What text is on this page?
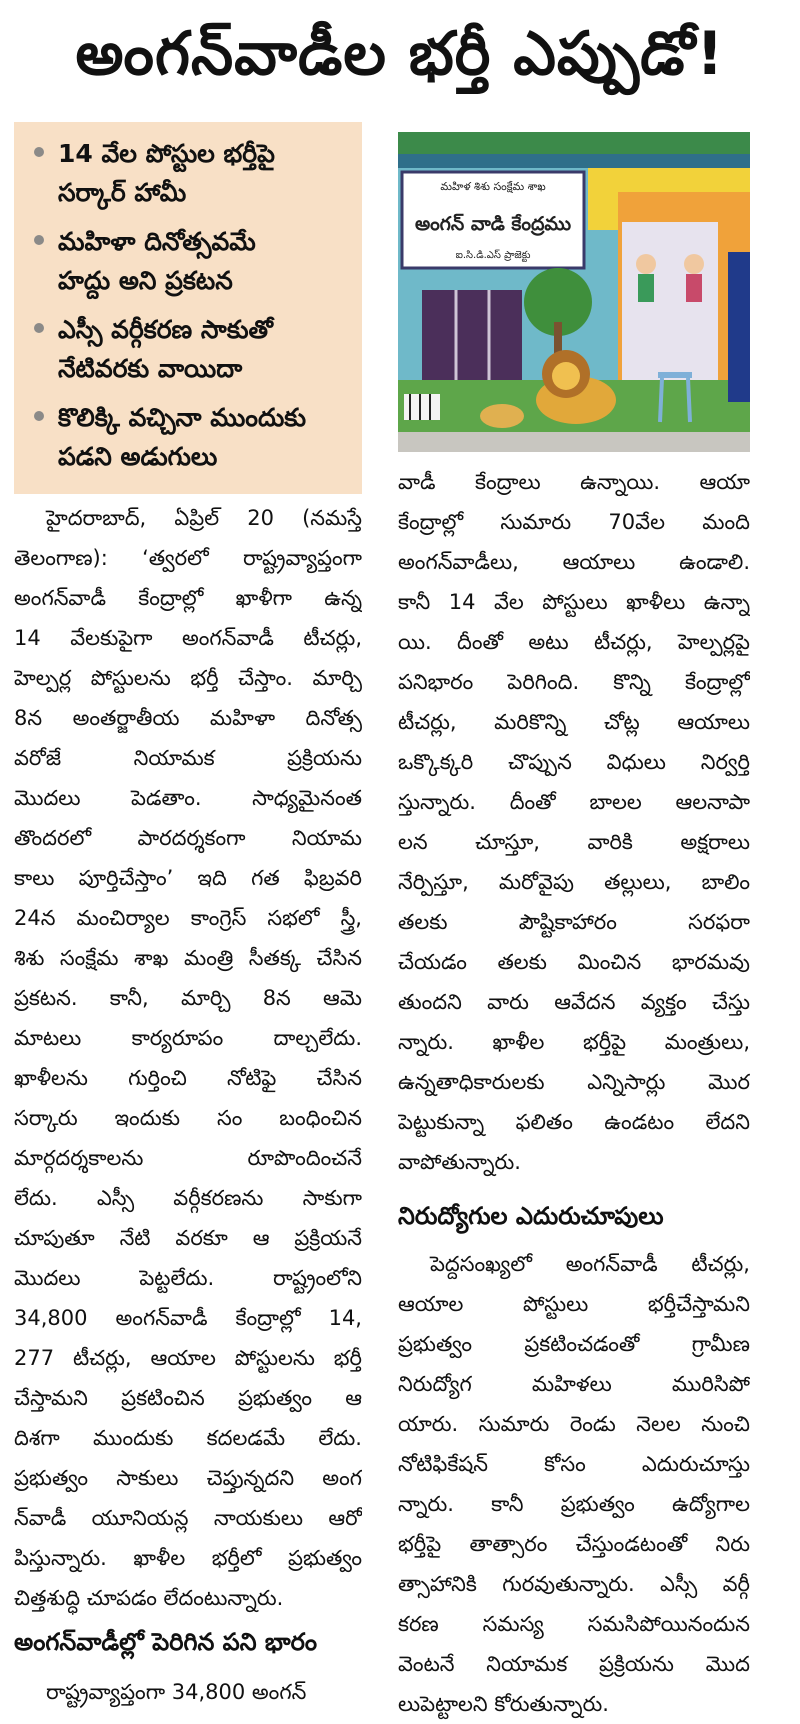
అంగన్‌వాడీల భర్తీ ఎప్పుడో!
14 వేల పోస్టుల భర్తీపై
సర్కార్ హామీ
మహిళా దినోత్సవమే
హద్దు అని ప్రకటన
ఎస్సీ వర్గీకరణ సాకుతో
నేటివరకు వాయిదా
కొలిక్కి వచ్చినా ముందుకు
పడని అడుగులు
మహిళ శిశు సంక్షేమ శాఖ
అంగన్ వాడి కేంద్రము
ఐ.సి.డి.ఎస్ ప్రాజెక్టు
హైదరాబాద్, ఏప్రిల్ 20 (నమస్తే
తెలంగాణ): ‘త్వరలో రాష్ట్రవ్యాప్తంగా
అంగన్‌వాడీ కేంద్రాల్లో ఖాళీగా ఉన్న
14 వేలకుపైగా అంగన్‌వాడీ టీచర్లు,
హెల్పర్ల పోస్టులను భర్తీ చేస్తాం. మార్చి
8న అంతర్జాతీయ మహిళా దినోత్స
వరోజే నియామక ప్రక్రియను
మొదలు పెడతాం. సాధ్యమైనంత
తొందరలో పారదర్శకంగా నియామ
కాలు పూర్తిచేస్తాం’ ఇది గత ఫిబ్రవరి
24న మంచిర్యాల కాంగ్రెస్ సభలో స్త్రీ,
శిశు సంక్షేమ శాఖ మంత్రి సీతక్క చేసిన
ప్రకటన. కానీ, మార్చి 8న ఆమె
మాటలు కార్యరూపం దాల్చలేదు.
ఖాళీలను గుర్తించి నోటిఫై చేసిన
సర్కారు ఇందుకు సం బంధించిన
మార్గదర్శకాలను రూపొందించనే
లేదు. ఎస్సీ వర్గీకరణను సాకుగా
చూపుతూ నేటి వరకూ ఆ ప్రక్రియనే
మొదలు పెట్టలేదు. రాష్ట్రంలోని
34,800 అంగన్‌వాడీ కేంద్రాల్లో 14,
277 టీచర్లు, ఆయాల పోస్టులను భర్తీ
చేస్తామని ప్రకటించిన ప్రభుత్వం ఆ
దిశగా ముందుకు కదలడమే లేదు.
ప్రభుత్వం సాకులు చెప్తున్నదని అంగ
న్‌వాడీ యూనియన్ల నాయకులు ఆరో
పిస్తున్నారు. ఖాళీల భర్తీలో ప్రభుత్వం
చిత్తశుద్ధి చూపడం లేదంటున్నారు.
అంగన్‌వాడీల్లో పెరిగిన పని భారం
రాష్ట్రవ్యాప్తంగా 34,800 అంగన్
వాడీ కేంద్రాలు ఉన్నాయి. ఆయా
కేంద్రాల్లో సుమారు 70వేల మంది
అంగన్‌వాడీలు, ఆయాలు ఉండాలి.
కానీ 14 వేల పోస్టులు ఖాళీలు ఉన్నా
యి. దీంతో అటు టీచర్లు, హెల్పర్లపై
పనిభారం పెరిగింది. కొన్ని కేంద్రాల్లో
టీచర్లు, మరికొన్ని చోట్ల ఆయాలు
ఒక్కొక్కరి చొప్పున విధులు నిర్వర్తి
స్తున్నారు. దీంతో బాలల ఆలనాపా
లన చూస్తూ, వారికి అక్షరాలు
నేర్పిస్తూ, మరోవైపు తల్లులు, బాలిం
తలకు పౌష్టికాహారం సరఫరా
చేయడం తలకు మించిన భారమవు
తుందని వారు ఆవేదన వ్యక్తం చేస్తు
న్నారు. ఖాళీల భర్తీపై మంత్రులు,
ఉన్నతాధికారులకు ఎన్నిసార్లు మొర
పెట్టుకున్నా ఫలితం ఉండటం లేదని
వాపోతున్నారు.
నిరుద్యోగుల ఎదురుచూపులు
పెద్దసంఖ్యలో అంగన్‌వాడీ టీచర్లు,
ఆయాల పోస్టులు భర్తీచేస్తామని
ప్రభుత్వం ప్రకటించడంతో గ్రామీణ
నిరుద్యోగ మహిళలు మురిసిపో
యారు. సుమారు రెండు నెలల నుంచి
నోటిఫికేషన్ కోసం ఎదురుచూస్తు
న్నారు. కానీ ప్రభుత్వం ఉద్యోగాల
భర్తీపై తాత్సారం చేస్తుండటంతో నిరు
త్సాహానికి గురవుతున్నారు. ఎస్సీ వర్గీ
కరణ సమస్య సమసిపోయినందున
వెంటనే నియామక ప్రక్రియను మొద
లుపెట్టాలని కోరుతున్నారు.
